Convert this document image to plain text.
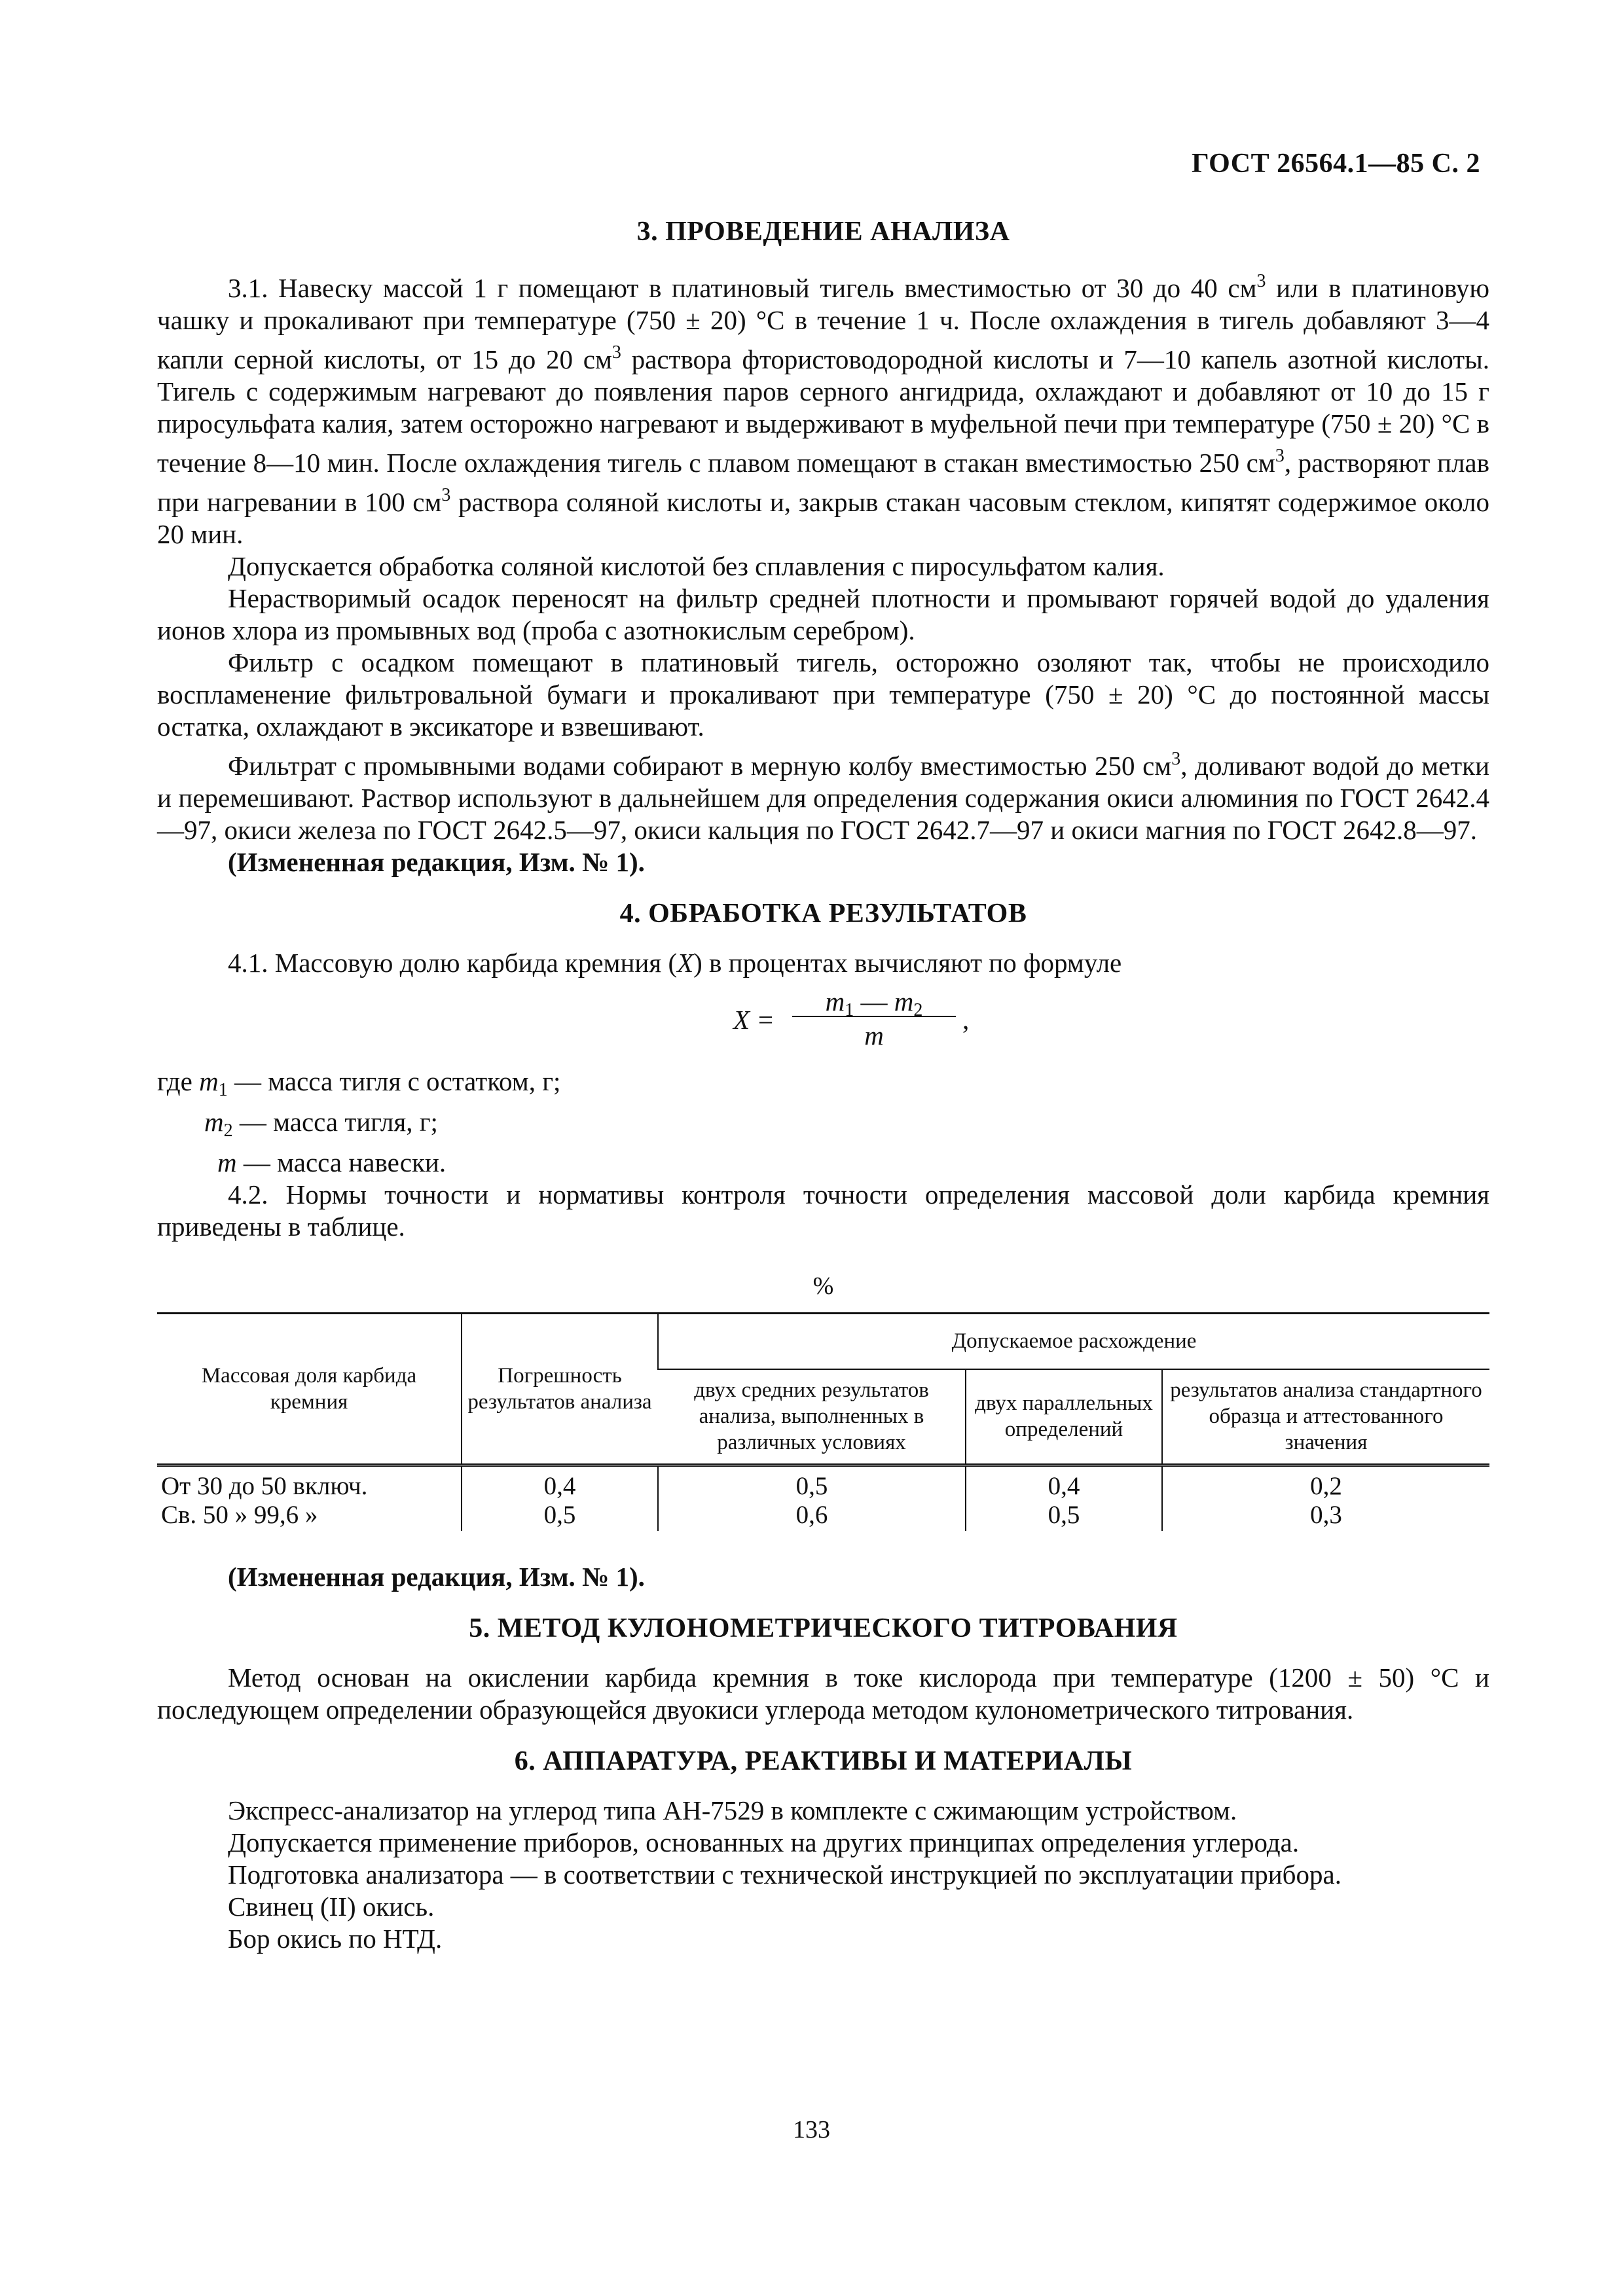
ГОСТ 26564.1—85 С. 2
3. ПРОВЕДЕНИЕ АНАЛИЗА

3.1. Навеску массой 1 г помещают в платиновый тигель вместимостью от 30 до 40 $см^3$ или в платиновую чашку и прокаливают при температуре (750 ± 20) °С в течение 1 ч. После охлаждения в тигель добавляют 3—4 капли серной кислоты, от 15 до 20 $см^3$ раствора фтористоводородной кислоты и 7—10 капель азотной кислоты. Тигель с содержимым нагревают до появления паров серного ангидрида, охлаждают и добавляют от 10 до 15 г пиросульфата калия, затем осторожно нагревают и выдерживают в муфельной печи при температуре (750 ± 20) °С в течение 8—10 мин. После охлаждения тигель с плавом помещают в стакан вместимостью 250 $см^3$, растворяют плав при нагревании в 100 $см^3$ раствора соляной кислоты и, закрыв стакан часовым стеклом, кипятят содержимое около 20 мин.

Допускается обработка соляной кислотой без сплавления с пиросульфатом калия.

Нерастворимый осадок переносят на фильтр средней плотности и промывают горячей водой до удаления ионов хлора из промывных вод (проба с азотнокислым серебром).

Фильтр с осадком помещают в платиновый тигель, осторожно озоляют так, чтобы не происходило воспламенение фильтровальной бумаги и прокаливают при температуре (750 ± 20) °С до постоянной массы остатка, охлаждают в эксикаторе и взвешивают.

Фильтрат с промывными водами собирают в мерную колбу вместимостью 250 $см^3$, доливают водой до метки и перемешивают. Раствор используют в дальнейшем для определения содержания окиси алюминия по ГОСТ 2642.4—97, окиси железа по ГОСТ 2642.5—97, окиси кальция по ГОСТ 2642.7—97 и окиси магния по ГОСТ 2642.8—97.

(Измененная редакция, Изм. № 1).

4. ОБРАБОТКА РЕЗУЛЬТАТОВ

4.1. Массовую долю карбида кремния (X) в процентах вычисляют по формуле

X =
$m_1$ — $m_2$
m
,
где $m_1$ — масса тигля с остатком, г;
$m_2$ — масса тигля, г;
m — масса навески.

4.2. Нормы точности и нормативы контроля точности определения массовой доли карбида кремния приведены в таблице.

%
Массовая доля карбида кремния	Погрешность результатов анализа	Допускаемое расхождение		
		двух средних результатов анализа, выполненных в различных условиях	двух параллельных определений	результатов анализа стандартного образца и аттестованного значения
От 30 до 50 включ.	0,4	0,5	0,4	0,2
Св. 50 » 99,6 »	0,5	0,6	0,5	0,3

(Измененная редакция, Изм. № 1).

5. МЕТОД КУЛОНОМЕТРИЧЕСКОГО ТИТРОВАНИЯ

Метод основан на окислении карбида кремния в токе кислорода при температуре (1200 ± 50) °С и последующем определении образующейся двуокиси углерода методом кулонометрического титрования.

6. АППАРАТУРА, РЕАКТИВЫ И МАТЕРИАЛЫ

Экспресс-анализатор на углерод типа АН-7529 в комплекте с сжимающим устройством.

Допускается применение приборов, основанных на других принципах определения углерода.

Подготовка анализатора — в соответствии с технической инструкцией по эксплуатации прибора.

Свинец (II) окись.

Бор окись по НТД.

133
